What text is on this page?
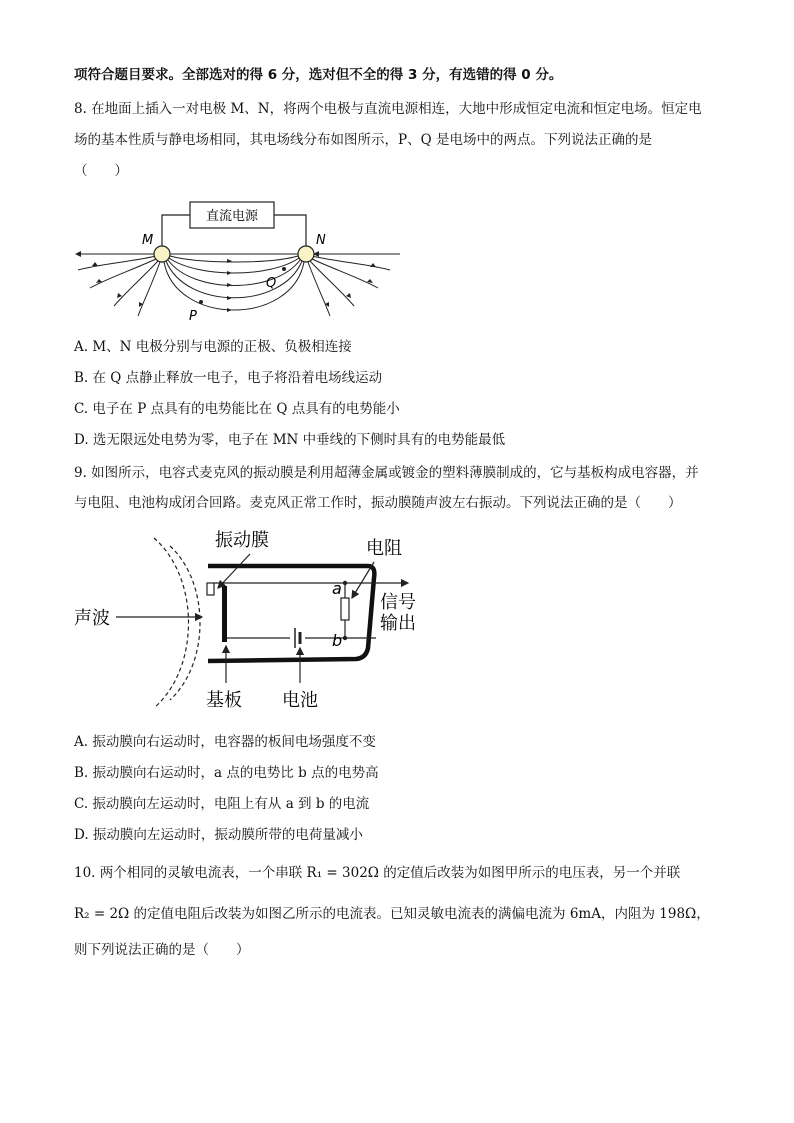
项符合题目要求。全部选对的得 6 分，选对但不全的得 3 分，有选错的得 0 分。
8. 在地面上插入一对电极 M、N，将两个电极与直流电源相连，大地中形成恒定电流和恒定电场。恒定电
场的基本性质与静电场相同，其电场线分布如图所示，P、Q 是电场中的两点。下列说法正确的是
（　　）
直流电源
M	N
P
Q
A. M、N 电极分别与电源的正极、负极相连接
B. 在 Q 点静止释放一电子，电子将沿着电场线运动
C. 电子在 P 点具有的电势能比在 Q 点具有的电势能小
D. 选无限远处电势为零，电子在 MN 中垂线的下侧时具有的电势能最低
9. 如图所示，电容式麦克风的振动膜是利用超薄金属或镀金的塑料薄膜制成的，它与基板构成电容器，并
与电阻、电池构成闭合回路。麦克风正常工作时，振动膜随声波左右振动。下列说法正确的是（　　）
声波
a
b
信号
输出
振动膜	电阻
基板 电池
A. 振动膜向右运动时，电容器的板间电场强度不变
B. 振动膜向右运动时，a 点的电势比 b 点的电势高
C. 振动膜向左运动时，电阻上有从 a 到 b 的电流
D. 振动膜向左运动时，振动膜所带的电荷量减小
10. 两个相同的灵敏电流表，一个串联 R₁ = 302Ω 的定值后改装为如图甲所示的电压表，另一个并联
R₂ = 2Ω 的定值电阻后改装为如图乙所示的电流表。已知灵敏电流表的满偏电流为 6mA，内阻为 198Ω，
则下列说法正确的是（　　）
